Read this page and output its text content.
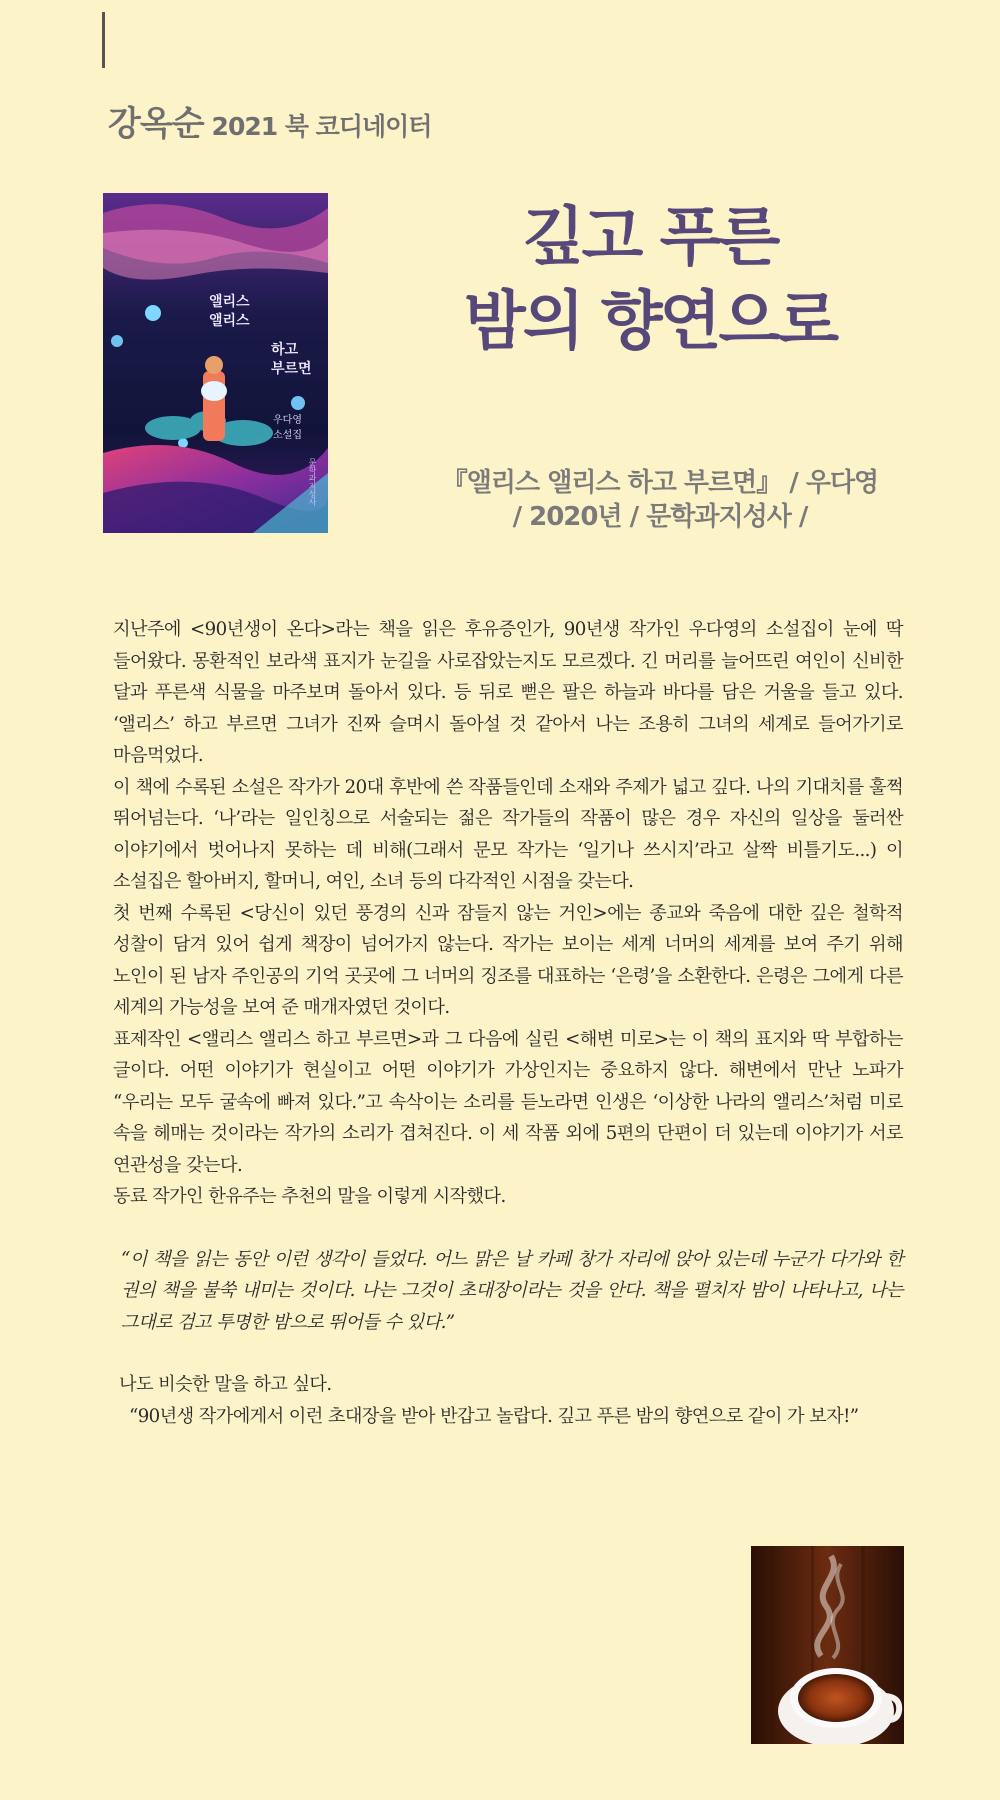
강옥순 2021 북 코디네이터
앨리스
앨리스
하고
부르면
우다영
소설집
문학과지성사
깊고 푸른
밤의 향연으로
『앨리스 앨리스 하고 부르면』 / 우다영
/ 2020년 / 문학과지성사 /

지난주에 <90년생이 온다>라는 책을 읽은 후유증인가, 90년생 작가인 우다영의 소설집이 눈에 딱 들어왔다. 몽환적인 보라색 표지가 눈길을 사로잡았는지도 모르겠다. 긴 머리를 늘어뜨린 여인이 신비한 달과 푸른색 식물을 마주보며 돌아서 있다. 등 뒤로 뻗은 팔은 하늘과 바다를 담은 거울을 들고 있다. ‘앨리스’ 하고 부르면 그녀가 진짜 슬며시 돌아설 것 같아서 나는 조용히 그녀의 세계로 들어가기로 마음먹었다.

이 책에 수록된 소설은 작가가 20대 후반에 쓴 작품들인데 소재와 주제가 넓고 깊다. 나의 기대치를 훌쩍 뛰어넘는다. ‘나’라는 일인칭으로 서술되는 젊은 작가들의 작품이 많은 경우 자신의 일상을 둘러싼 이야기에서 벗어나지 못하는 데 비해(그래서 문모 작가는 ‘일기나 쓰시지’라고 살짝 비틀기도...) 이 소설집은 할아버지, 할머니, 여인, 소녀 등의 다각적인 시점을 갖는다.

첫 번째 수록된 <당신이 있던 풍경의 신과 잠들지 않는 거인>에는 종교와 죽음에 대한 깊은 철학적 성찰이 담겨 있어 쉽게 책장이 넘어가지 않는다. 작가는 보이는 세계 너머의 세계를 보여 주기 위해 노인이 된 남자 주인공의 기억 곳곳에 그 너머의 징조를 대표하는 ‘은령’을 소환한다. 은령은 그에게 다른 세계의 가능성을 보여 준 매개자였던 것이다.

표제작인 <앨리스 앨리스 하고 부르면>과 그 다음에 실린 <해변 미로>는 이 책의 표지와 딱 부합하는 글이다. 어떤 이야기가 현실이고 어떤 이야기가 가상인지는 중요하지 않다. 해변에서 만난 노파가 “우리는 모두 굴속에 빠져 있다.”고 속삭이는 소리를 듣노라면 인생은 ‘이상한 나라의 앨리스’처럼 미로 속을 헤매는 것이라는 작가의 소리가 겹쳐진다. 이 세 작품 외에 5편의 단편이 더 있는데 이야기가 서로 연관성을 갖는다.

동료 작가인 한유주는 추천의 말을 이렇게 시작했다.

“이 책을 읽는 동안 이런 생각이 들었다. 어느 맑은 날 카페 창가 자리에 앉아 있는데 누군가 다가와 한 권의 책을 불쑥 내미는 것이다. 나는 그것이 초대장이라는 것을 안다. 책을 펼치자 밤이 나타나고, 나는 그대로 검고 투명한 밤으로 뛰어들 수 있다.”

나도 비슷한 말을 하고 싶다.

“90년생 작가에게서 이런 초대장을 받아 반갑고 놀랍다. 깊고 푸른 밤의 향연으로 같이 가 보자!”
